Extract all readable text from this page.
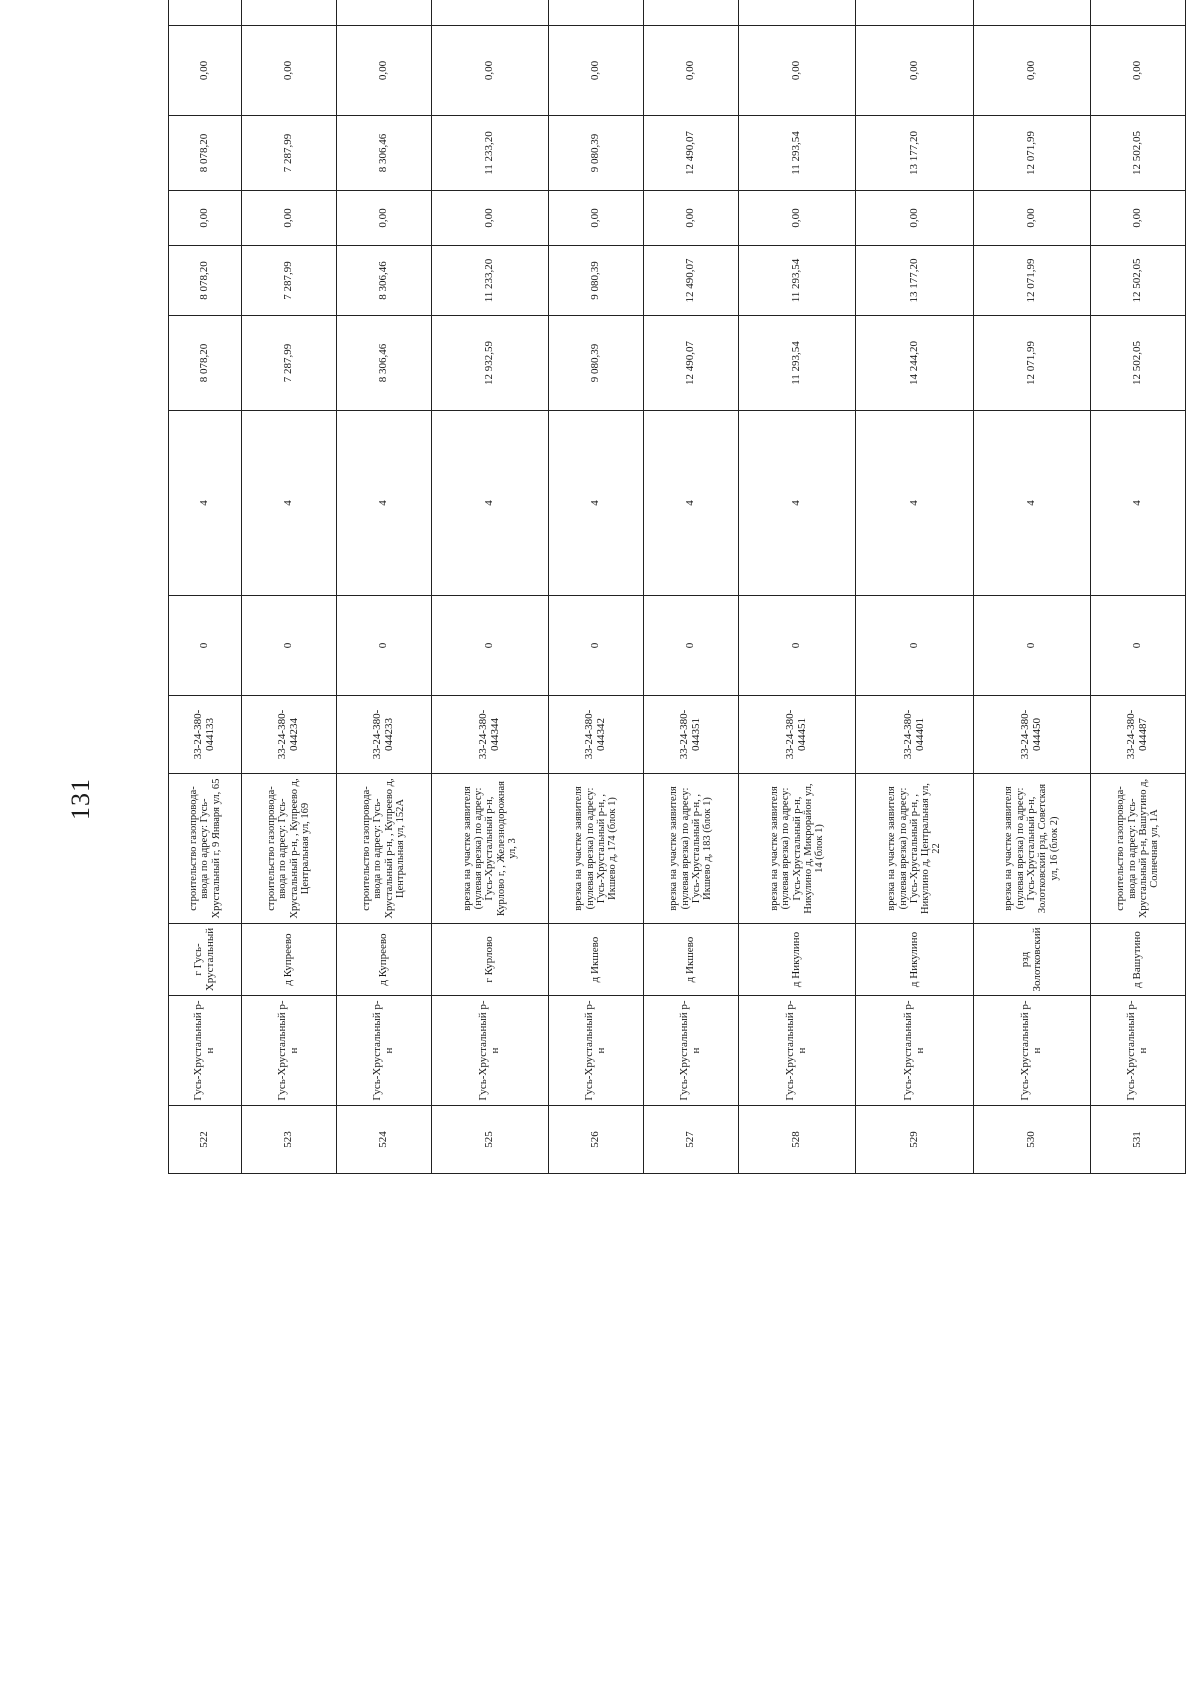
131
522	Гусь-Хрустальный р-н	г Гусь-Хрустальный	строительство газопровода-ввода по адресу: Гусь-Хрустальный г, 9 Января ул, 65	33-24-380-044133	0	4	8 078,20	8 078,20	0,00	8 078,20	0,00	
523	Гусь-Хрустальный р-н	д Купреево	строительство газопровода-ввода по адресу: Гусь-Хрустальный р-н, , Купреево д, Центральная ул, 169	33-24-380-044234	0	4	7 287,99	7 287,99	0,00	7 287,99	0,00	
524	Гусь-Хрустальный р-н	д Купреево	строительство газопровода-ввода по адресу: Гусь-Хрустальный р-н, , Купреево д, Центральная ул, 152А	33-24-380-044233	0	4	8 306,46	8 306,46	0,00	8 306,46	0,00	
525	Гусь-Хрустальный р-н	г Курлово	врезка на участке заявителя (нулевая врезка) по адресу: Гусь-Хрустальный р-н, Курлово г, , Железнодорожная ул, 3	33-24-380-044344	0	4	12 932,59	11 233,20	0,00	11 233,20	0,00	
526	Гусь-Хрустальный р-н	д Икшево	врезка на участке заявителя (нулевая врезка) по адресу: Гусь-Хрустальный р-н, , Икшево д, 174 (блок 1)	33-24-380-044342	0	4	9 080,39	9 080,39	0,00	9 080,39	0,00	
527	Гусь-Хрустальный р-н	д Икшево	врезка на участке заявителя (нулевая врезка) по адресу: Гусь-Хрустальный р-н, , Икшево д, 183 (блок 1)	33-24-380-044351	0	4	12 490,07	12 490,07	0,00	12 490,07	0,00	
528	Гусь-Хрустальный р-н	д Никулино	врезка на участке заявителя (нулевая врезка) по адресу: Гусь-Хрустальный р-н, Никулино д, Микрорайон ул, 14 (блок 1)	33-24-380-044451	0	4	11 293,54	11 293,54	0,00	11 293,54	0,00	
529	Гусь-Хрустальный р-н	д Никулино	врезка на участке заявителя (нулевая врезка) по адресу: Гусь-Хрустальный р-н, , Никулино д, Центральная ул, 22	33-24-380-044401	0	4	14 244,20	13 177,20	0,00	13 177,20	0,00	
530	Гусь-Хрустальный р-н	рзд Золотковский	врезка на участке заявителя (нулевая врезка) по адресу: Гусь-Хрустальный р-н, Золотковский рзд, Советская ул, 16 (блок 2)	33-24-380-044450	0	4	12 071,99	12 071,99	0,00	12 071,99	0,00	
531	Гусь-Хрустальный р-н	д Вашутино	строительство газопровода-ввода по адресу: Гусь-Хрустальный р-н, Вашутино д, Солнечная ул, 1А	33-24-380-044487	0	4	12 502,05	12 502,05	0,00	12 502,05	0,00	
